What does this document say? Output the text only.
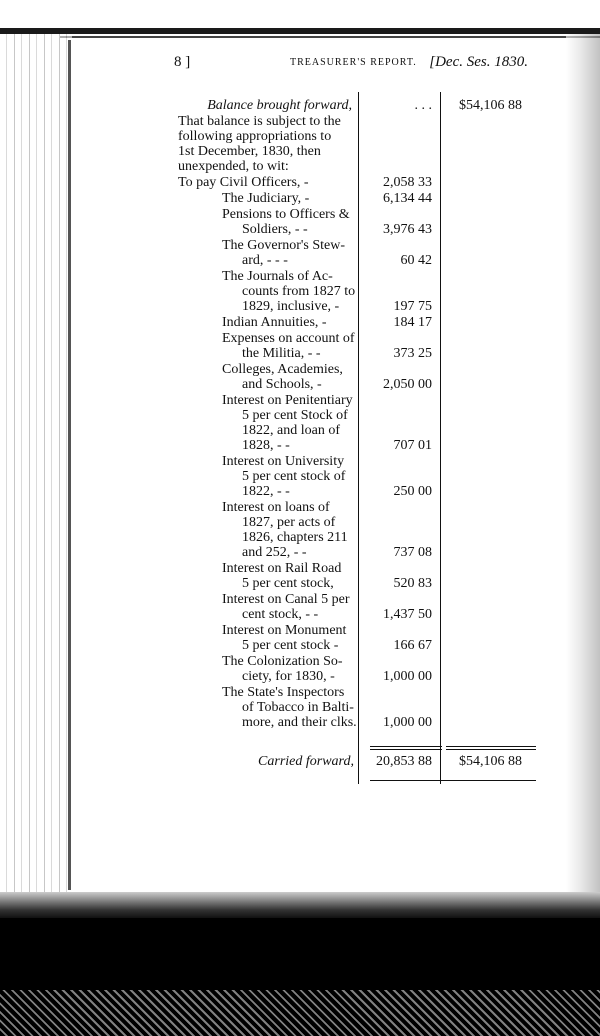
8 ]	TREASURER'S REPORT. [Dec. Ses. 1830.
Balance brought forward,	. . .	$54,106 88
That balance is subject to the
following appropriations to
1st December, 1830, then
unexpended, to wit:
To pay Civil Officers, -	2,058 33
The Judiciary, -	6,134 44
Pensions to Officers &
Soldiers, - -	3,976 43
The Governor's Stew-
ard, - - -	60 42
The Journals of Ac-
counts from 1827 to
1829, inclusive, -	197 75
Indian Annuities, -	184 17
Expenses on account of
the Militia, - -	373 25
Colleges, Academies,
and Schools, -	2,050 00
Interest on Penitentiary
5 per cent Stock of
1822, and loan of
1828, - -	707 01
Interest on University
5 per cent stock of
1822, - -	250 00
Interest on loans of
1827, per acts of
1826, chapters 211
and 252, - -	737 08
Interest on Rail Road
5 per cent stock,	520 83
Interest on Canal 5 per
cent stock, - -	1,437 50
Interest on Monument
5 per cent stock -	166 67
The Colonization So-
ciety, for 1830, -	1,000 00
The State's Inspectors
of Tobacco in Balti-
more, and their clks.	1,000 00
Carried forward,	20,853 88	$54,106 88
